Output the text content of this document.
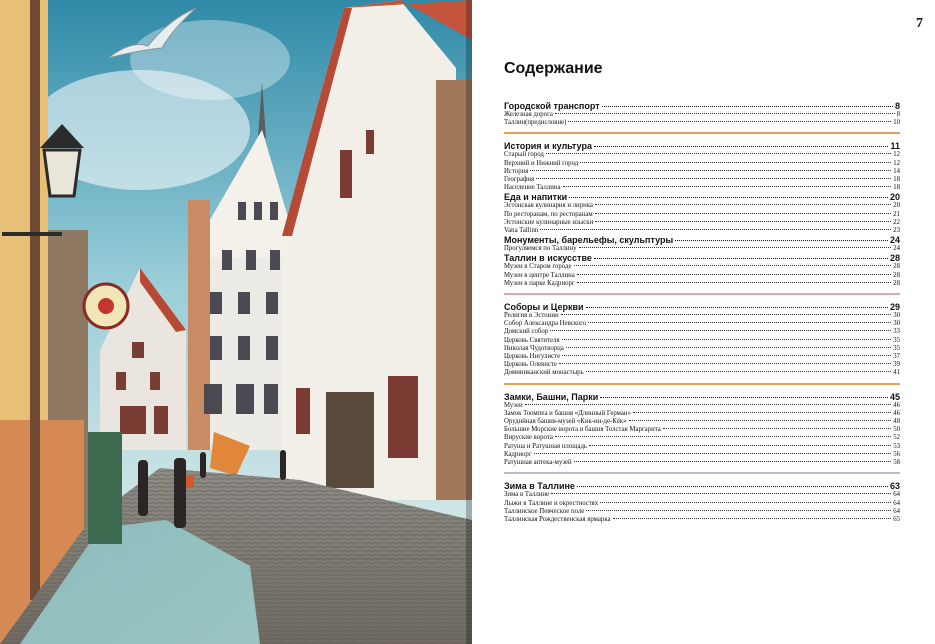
7
Содержание
Городской транспорт	8
Железная дорога	8
Таллин(предисловие)	10
История и культура	11
Старый город	12
Верхний и Нижний город	12
История	14
География	18
Население Таллина	18
Еда и напитки	20
Эстонская кулинария и лирика	20
По ресторанам, по ресторанам	21
Эстонские кулинарные изыски	22
Vana Tallinn	23
Монументы, барельефы, скульптуры	24
Прогуляемся по Таллину	24
Таллин в искусстве	28
Музеи в Старом городе	28
Музеи в центре Таллина	28
Музеи в парке Кадриорг	28
Соборы и Церкви	29
Религия в Эстонии	30
Собор Александра Невского	30
Домский собор	33
Церковь Святителя	35
Николая Чудотворца	35
Церковь Нигулисте	37
Церковь Олевисте	39
Доминиканский монастырь	41
Замки, Башни, Парки	45
Музеи	46
Замок Тоомпеа и башня «Длинный Герман»	46
Орудийная башня-музей «Кик-ин-де-Кёк»	48
Большие Морские ворота и башня Толстая Маргарита	50
Вируские ворота	52
Ратуша и Ратушная площадь	53
Кадриорг	56
Ратушная аптека-музей	58
Зима в Таллине	63
Зима в Таллине	64
Лыжи в Таллине и окрестностях	64
Таллинское Певческое поле	64
Таллинская Рождественская ярмарка	65
